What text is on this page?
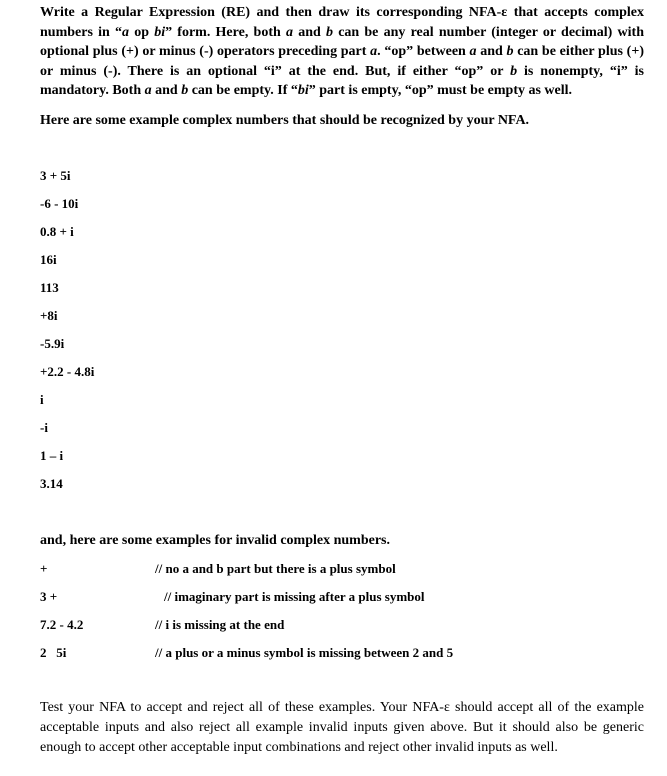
Write a Regular Expression (RE) and then draw its corresponding NFA-ε that accepts complex numbers in “a op bi” form. Here, both a and b can be any real number (integer or decimal) with optional plus (+) or minus (-) operators preceding part a. “op” between a and b can be either plus (+) or minus (-). There is an optional “i” at the end. But, if either “op” or b is nonempty, “i” is mandatory. Both a and b can be empty. If “bi” part is empty, “op” must be empty as well.

Here are some example complex numbers that should be recognized by your NFA.

3 + 5i
-6 - 10i
0.8 + i
16i
113
+8i
-5.9i
+2.2 - 4.8i
i
-i
1 – i
3.14

and, here are some examples for invalid complex numbers.

+	// no a and b part but there is a plus symbol
3 +	// imaginary part is missing after a plus symbol
7.2 - 4.2	// i is missing at the end
2   5i	// a plus or a minus symbol is missing between 2 and 5

Test your NFA to accept and reject all of these examples. Your NFA-ε should accept all of the example acceptable inputs and also reject all example invalid inputs given above. But it should also be generic enough to accept other acceptable input combinations and reject other invalid inputs as well.
